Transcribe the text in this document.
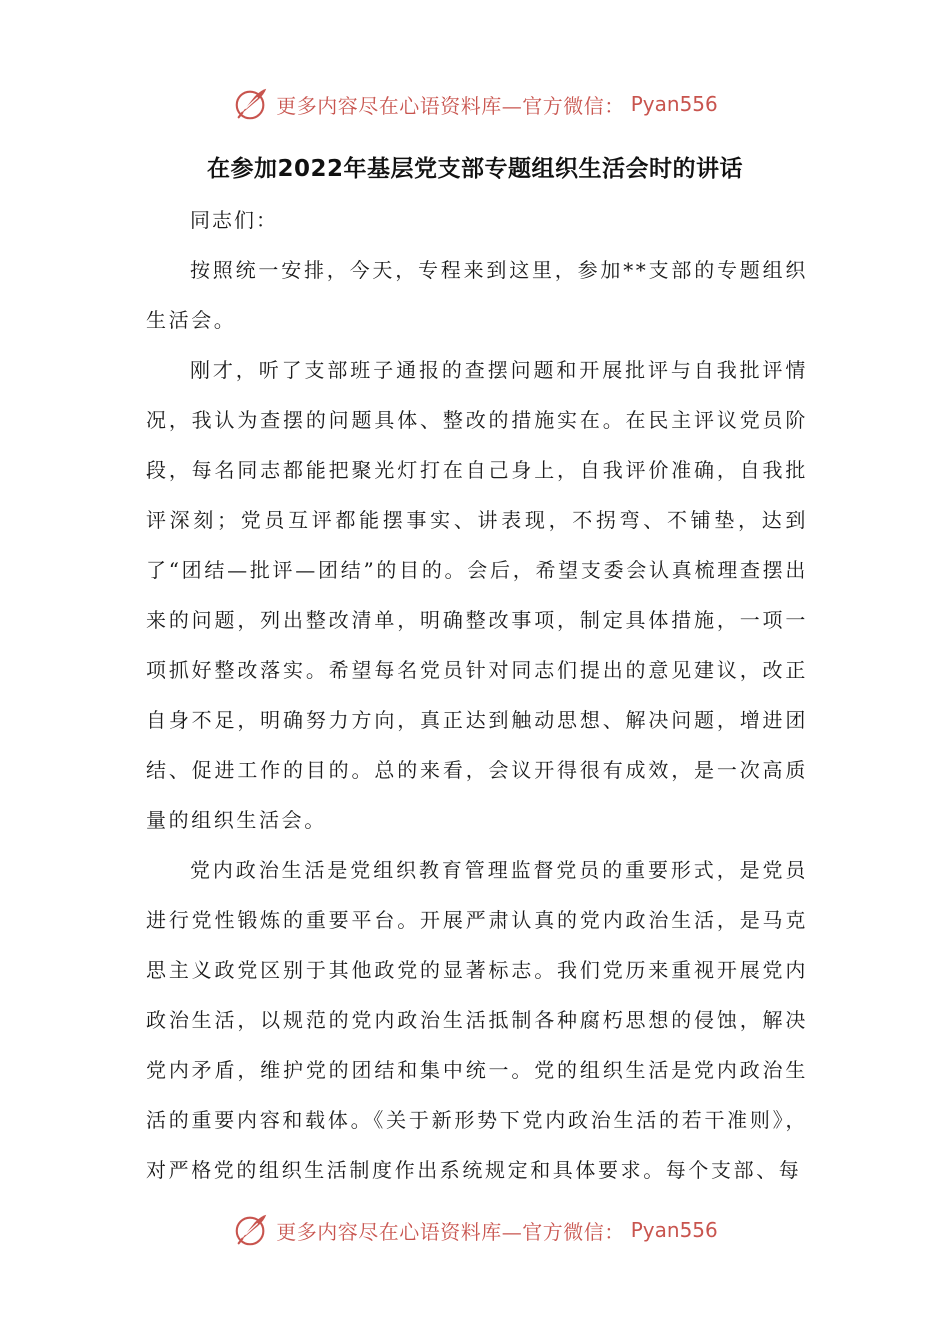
更多内容尽在心语资料库—官方微信： Pyan556
在参加2022年基层党支部专题组织生活会时的讲话

同志们：

按照统一安排，今天，专程来到这里，参加**支部的专题组织生活会。

刚才，听了支部班子通报的查摆问题和开展批评与自我批评情况，我认为查摆的问题具体、整改的措施实在。在民主评议党员阶段，每名同志都能把聚光灯打在自己身上，自我评价准确，自我批评深刻；党员互评都能摆事实、讲表现，不拐弯、不铺垫，达到了“团结—批评—团结”的目的。会后，希望支委会认真梳理查摆出来的问题，列出整改清单，明确整改事项，制定具体措施，一项一项抓好整改落实。希望每名党员针对同志们提出的意见建议，改正自身不足，明确努力方向，真正达到触动思想、解决问题，增进团结、促进工作的目的。总的来看，会议开得很有成效，是一次高质量的组织生活会。

党内政治生活是党组织教育管理监督党员的重要形式，是党员进行党性锻炼的重要平台。开展严肃认真的党内政治生活，是马克思主义政党区别于其他政党的显著标志。我们党历来重视开展党内政治生活，以规范的党内政治生活抵制各种腐朽思想的侵蚀，解决党内矛盾，维护党的团结和集中统一。党的组织生活是党内政治生活的重要内容和载体。《关于新形势下党内政治生活的若干准则》，对严格党的组织生活制度作出系统规定和具体要求。每个支部、每

更多内容尽在心语资料库—官方微信： Pyan556
